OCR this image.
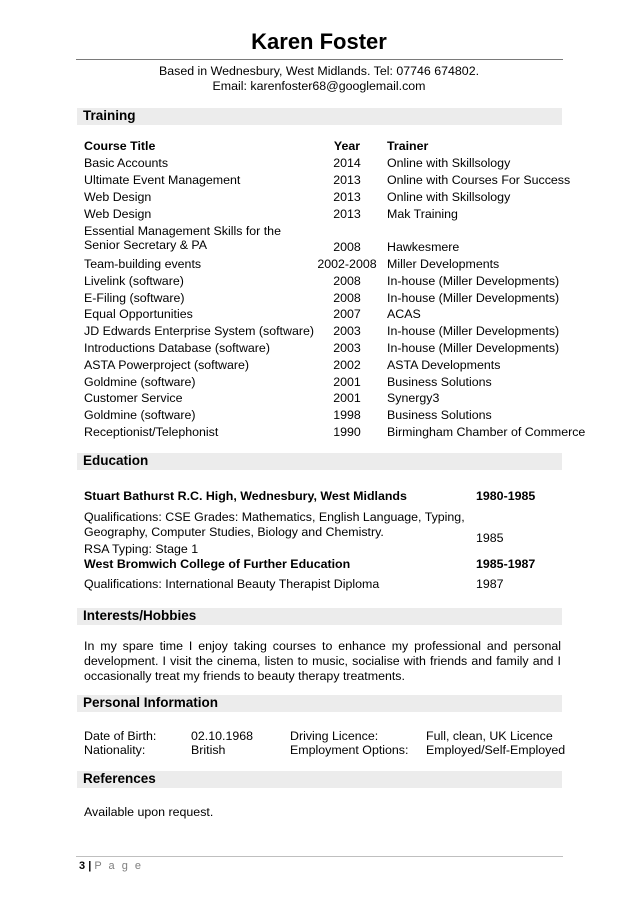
Karen Foster
Based in Wednesbury, West Midlands. Tel: 07746 674802.
Email: karenfoster68@googlemail.com
Training
Course Title	Year	Trainer
Basic Accounts	2014	Online with Skillsology
Ultimate Event Management	2013	Online with Courses For Success
Web Design	2013	Online with Skillsology
Web Design	2013	Mak Training
Essential Management Skills for the
Senior Secretary & PA	2008	Hawkesmere
Team-building events	2002-2008 Miller Developments
Livelink (software)	2008	In-house (Miller Developments)
E-Filing (software)	2008	In-house (Miller Developments)
Equal Opportunities	2007	ACAS
JD Edwards Enterprise System (software)	2003	In-house (Miller Developments)
Introductions Database (software)	2003	In-house (Miller Developments)
ASTA Powerproject (software)	2002	ASTA Developments
Goldmine (software)	2001	Business Solutions
Customer Service	2001	Synergy3
Goldmine (software)	1998	Business Solutions
Receptionist/Telephonist	1990	Birmingham Chamber of Commerce
Education
Stuart Bathurst R.C. High, Wednesbury, West Midlands	1980-1985
Qualifications: CSE Grades: Mathematics, English Language, Typing,
Geography, Computer Studies, Biology and Chemistry.	1985
RSA Typing: Stage 1
West Bromwich College of Further Education	1985-1987
Qualifications: International Beauty Therapist Diploma	1987
Interests/Hobbies
In my spare time I enjoy taking courses to enhance my professional and personal development. I visit the cinema, listen to music, socialise with friends and family and I occasionally treat my friends to beauty therapy treatments.
Personal Information
Date of Birth:	02.10.1968	Driving Licence:	Full, clean, UK Licence
Nationality:	British	Employment Options: Employed/Self-Employed
References
Available upon request.
3 | P a g e
